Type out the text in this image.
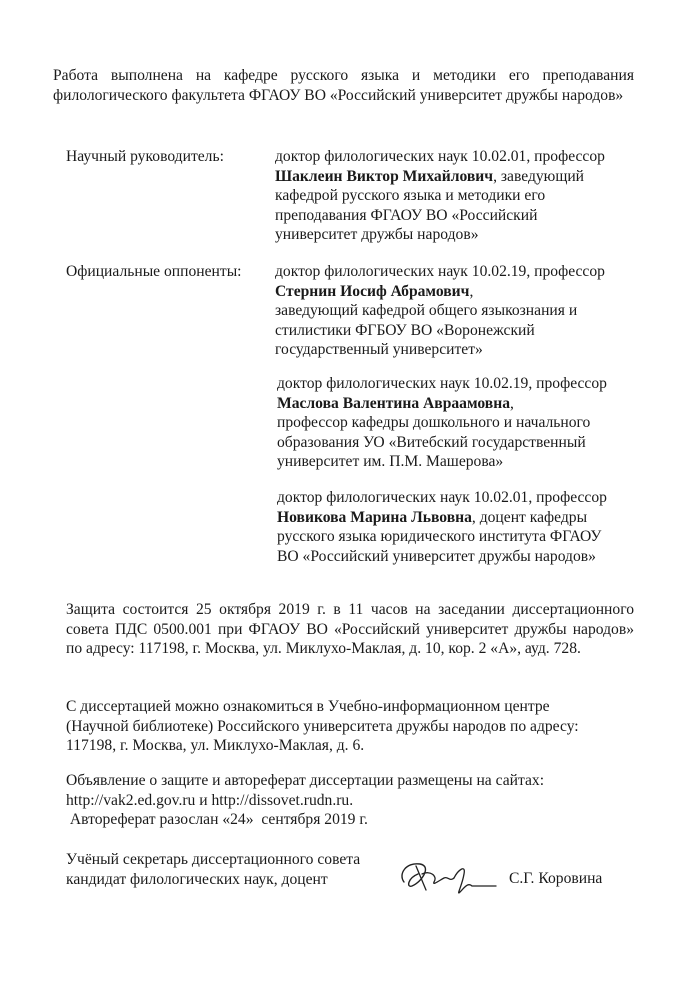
Работа выполнена на кафедре русского языка и методики его преподавания филологического факультета ФГАОУ ВО «Российский университет дружбы народов»

Научный руководитель:	доктор филологических наук 10.02.01, профессор
Шаклеин Виктор Михайлович, заведующий
кафедрой русского языка и методики его
преподавания ФГАОУ ВО «Российский
университет дружбы народов»
Официальные оппоненты: доктор филологических наук 10.02.19, профессор
Стернин Иосиф Абрамович,
заведующий кафедрой общего языкознания и
стилистики ФГБОУ ВО «Воронежский
государственный университет»
доктор филологических наук 10.02.19, профессор
Маслова Валентина Авраамовна,
профессор кафедры дошкольного и начального
образования УО «Витебский государственный
университет им. П.М. Машерова»
доктор филологических наук 10.02.01, профессор
Новикова Марина Львовна, доцент кафедры
русского языка юридического института ФГАОУ
ВО «Российский университет дружбы народов»

Защита состоится 25 октября 2019 г. в 11 часов на заседании диссертационного совета ПДС 0500.001 при ФГАОУ ВО «Российский университет дружбы народов» по адресу: 117198, г. Москва, ул. Миклухо-Маклая, д. 10, кор. 2 «А», ауд. 728.

С диссертацией можно ознакомиться в Учебно-информационном центре
(Научной библиотеке) Российского университета дружбы народов по адресу:
117198, г. Москва, ул. Миклухо-Маклая, д. 6.
Объявление о защите и автореферат диссертации размещены на сайтах:
http://vak2.ed.gov.ru и http://dissovet.rudn.ru.
Автореферат разослан «24»  сентября 2019 г.
Учёный секретарь диссертационного совета
кандидат филологических наук, доцент	С.Г. Коровина
